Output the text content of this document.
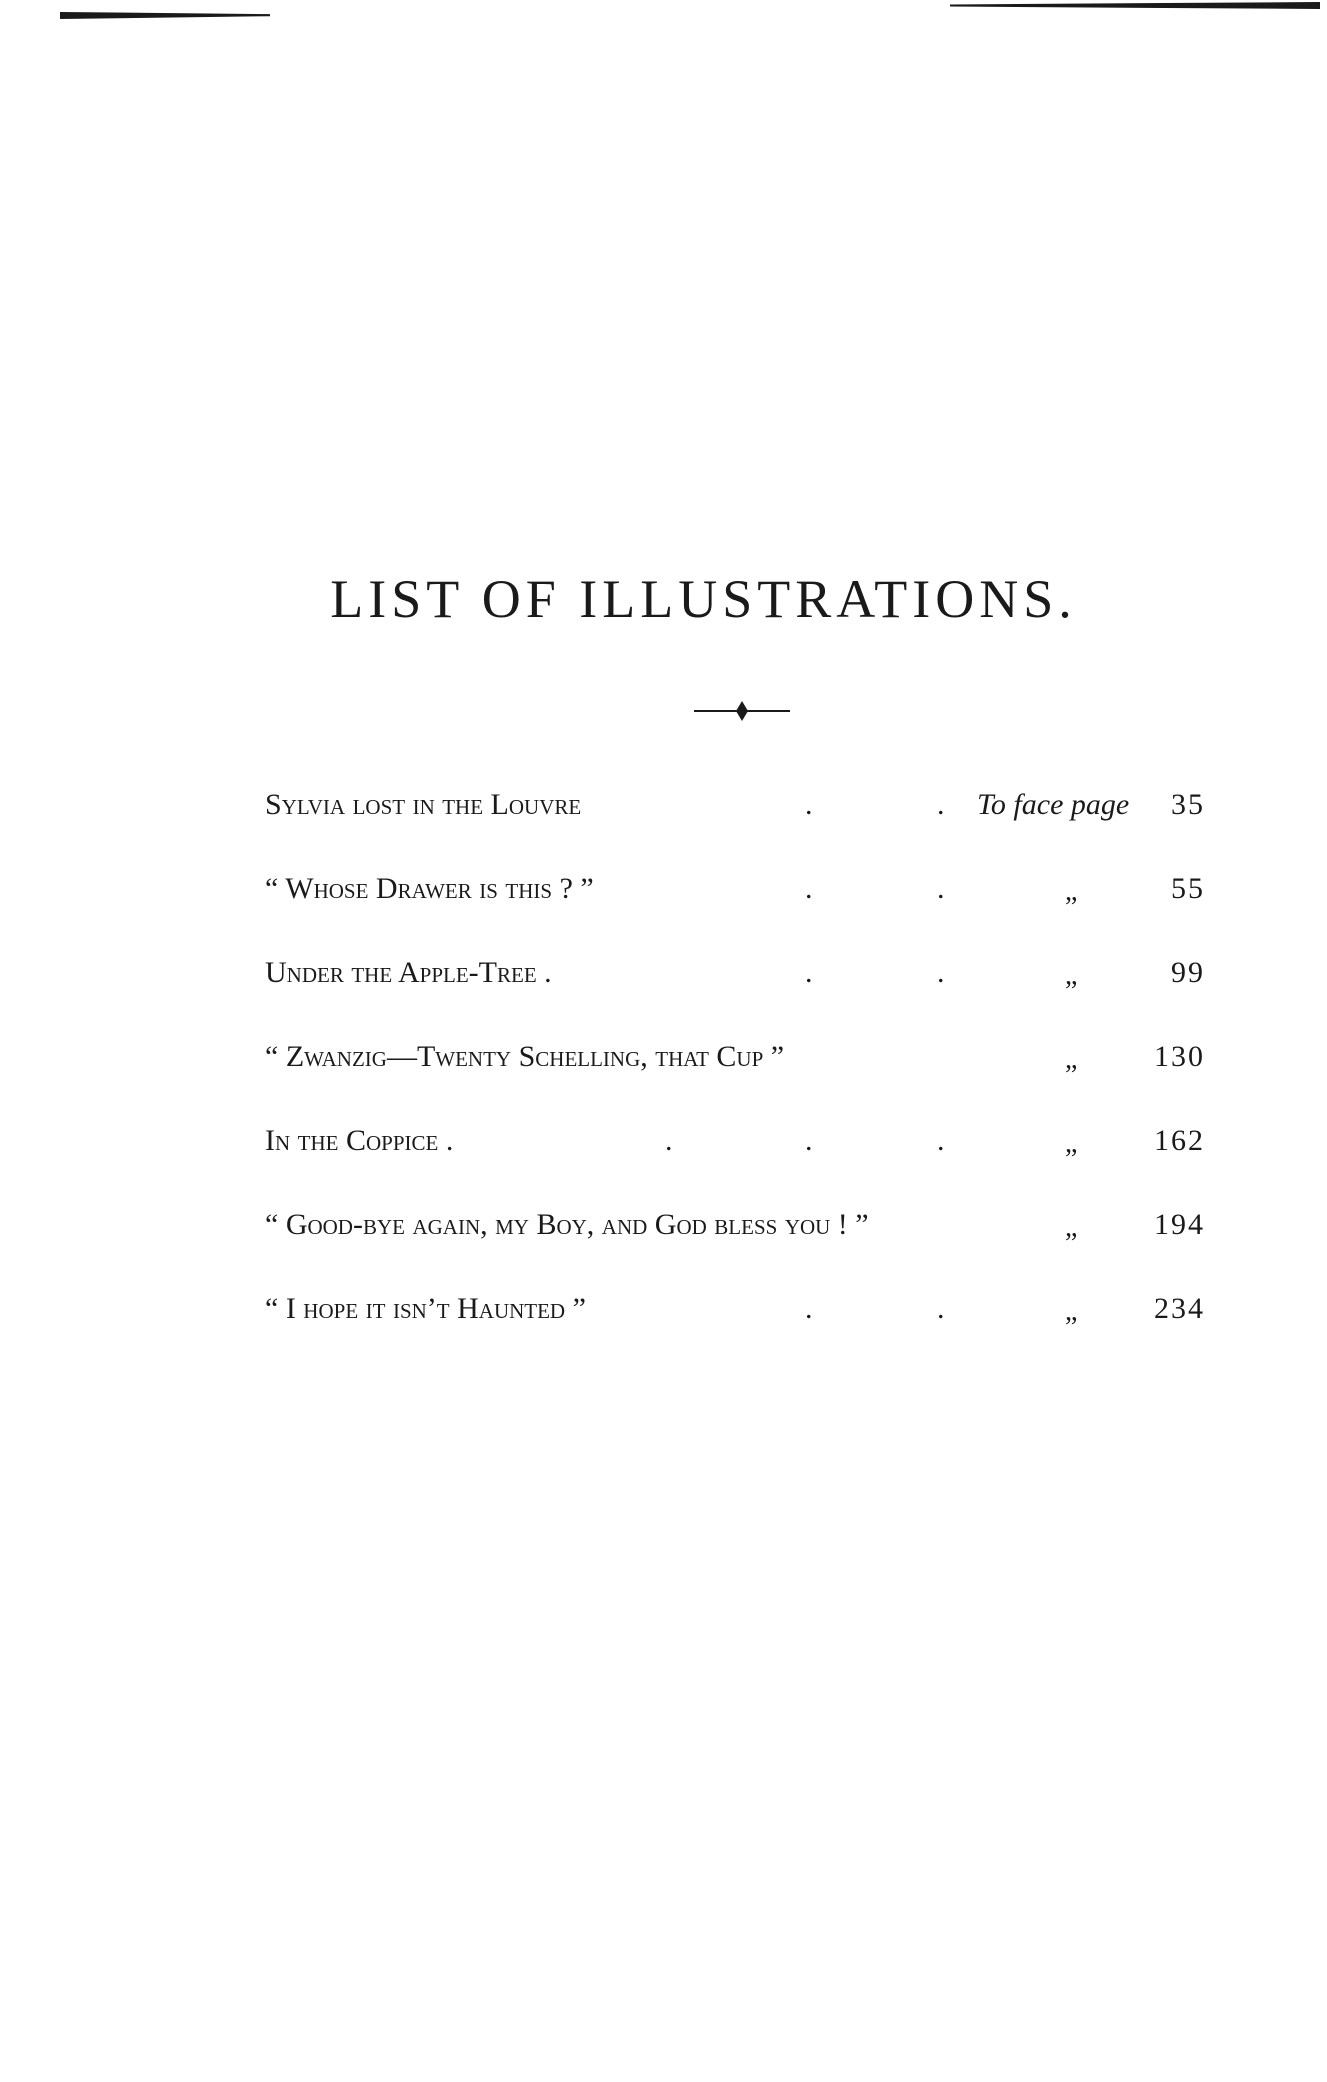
LIST OF ILLUSTRATIONS.
Sylvia lost in the Louvre	.	. To face page 35
“ Whose Drawer is this ? ”	.	.	„	55
Under the Apple-Tree .	.	.	„	99
“ Zwanzig—Twenty Schelling, that Cup ”	„	130
In the Coppice .	.	.	.	„	162
“ Good-bye again, my Boy, and God bless you ! ”	„	194
“ I hope it isn’t Haunted ”	.	.	„	234
